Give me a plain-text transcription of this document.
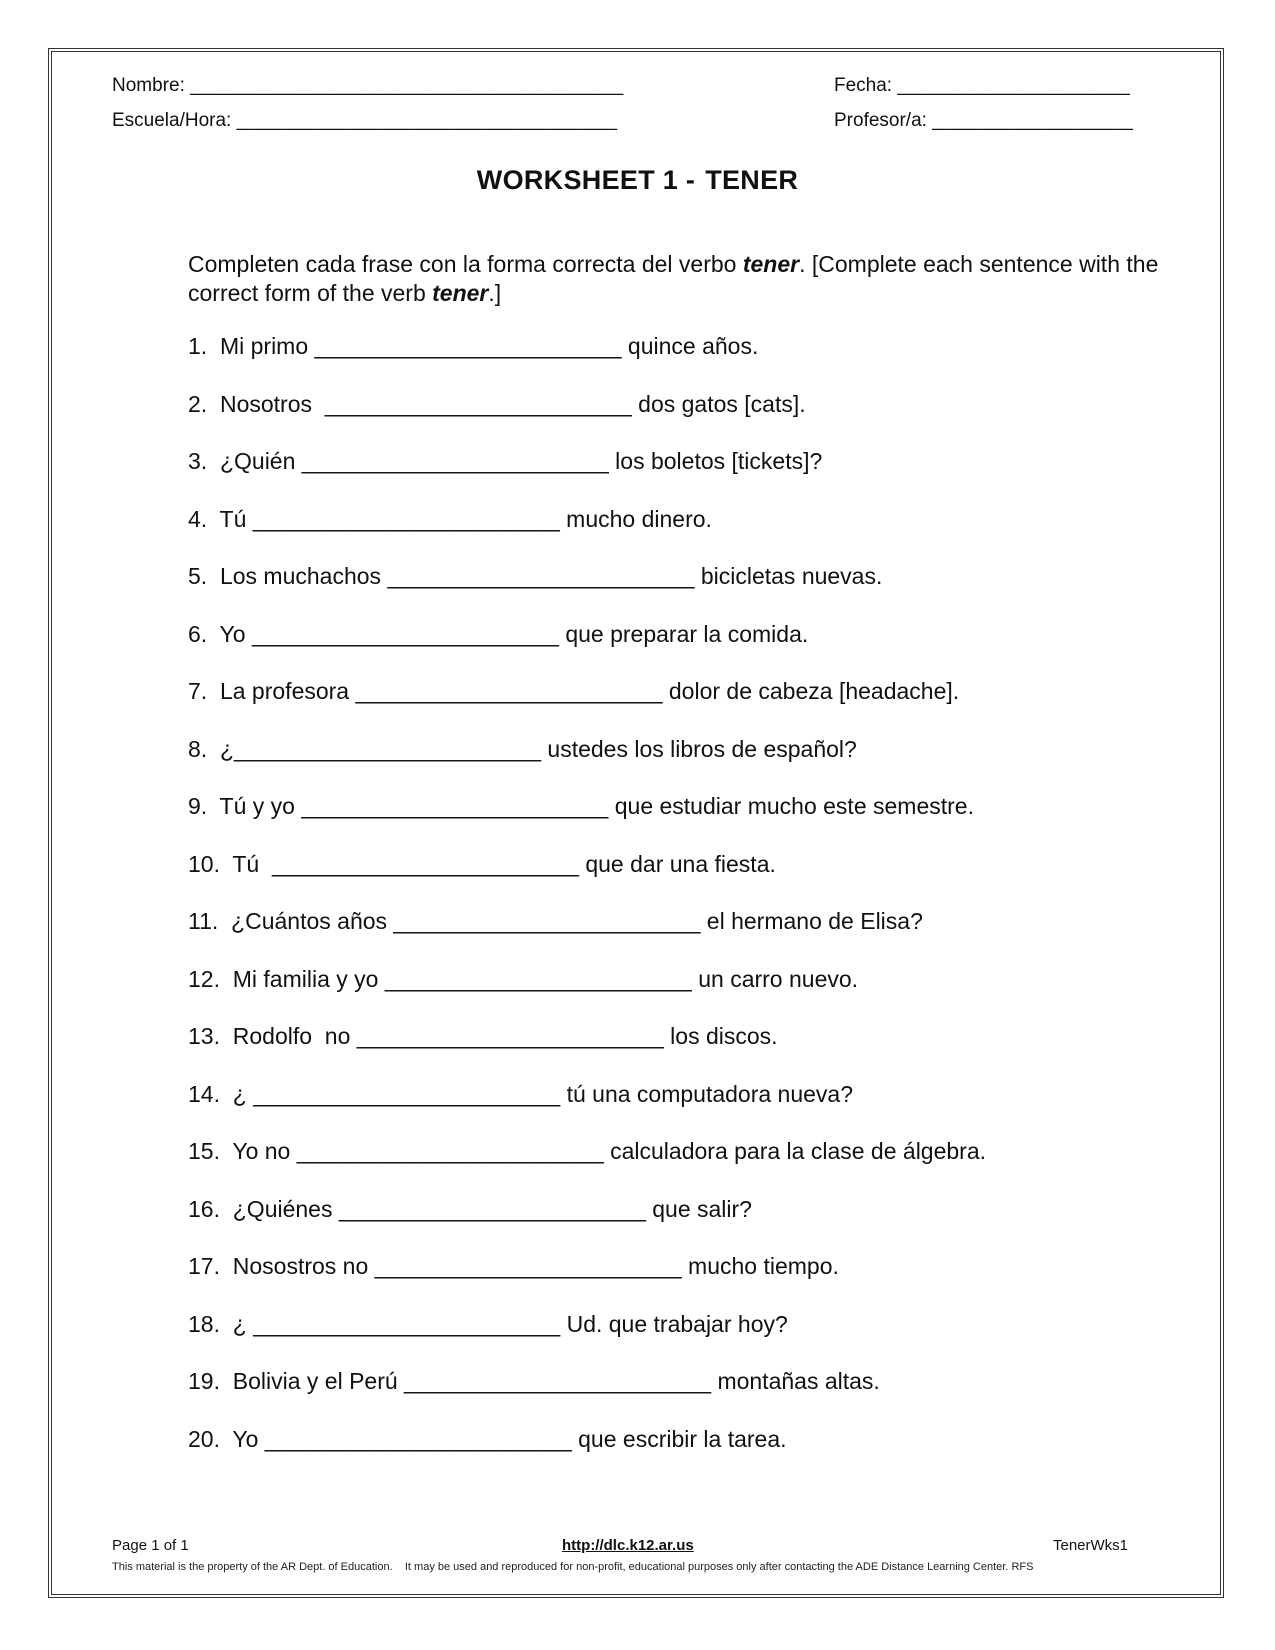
Nombre: _________________________________________
Escuela/Hora: ____________________________________
Fecha: ______________________
Profesor/a: ___________________
WORKSHEET 1 - TENER
Completen cada frase con la forma correcta del verbo tener. [Complete each sentence with the correct form of the verb tener.]
1.  Mi primo ________________________ quince años.
2.  Nosotros  ________________________ dos gatos [cats].
3.  ¿Quién ________________________ los boletos [tickets]?
4.  Tú ________________________ mucho dinero.
5.  Los muchachos ________________________ bicicletas nuevas.
6.  Yo ________________________ que preparar la comida.
7.  La profesora ________________________ dolor de cabeza [headache].
8.  ¿________________________ ustedes los libros de español?
9.  Tú y yo ________________________ que estudiar mucho este semestre.
10.  Tú  ________________________ que dar una fiesta.
11.  ¿Cuántos años ________________________ el hermano de Elisa?
12.  Mi familia y yo ________________________ un carro nuevo.
13.  Rodolfo  no ________________________ los discos.
14.  ¿ ________________________ tú una computadora nueva?
15.  Yo no ________________________ calculadora para la clase de álgebra.
16.  ¿Quiénes ________________________ que salir?
17.  Nosostros no ________________________ mucho tiempo.
18.  ¿ ________________________ Ud. que trabajar hoy?
19.  Bolivia y el Perú ________________________ montañas altas.
20.  Yo ________________________ que escribir la tarea.
Page 1 of 1	http://dlc.k12.ar.us	TenerWks1
This material is the property of the AR Dept. of Education.    It may be used and reproduced for non-profit, educational purposes only after contacting the ADE Distance Learning Center. RFS
